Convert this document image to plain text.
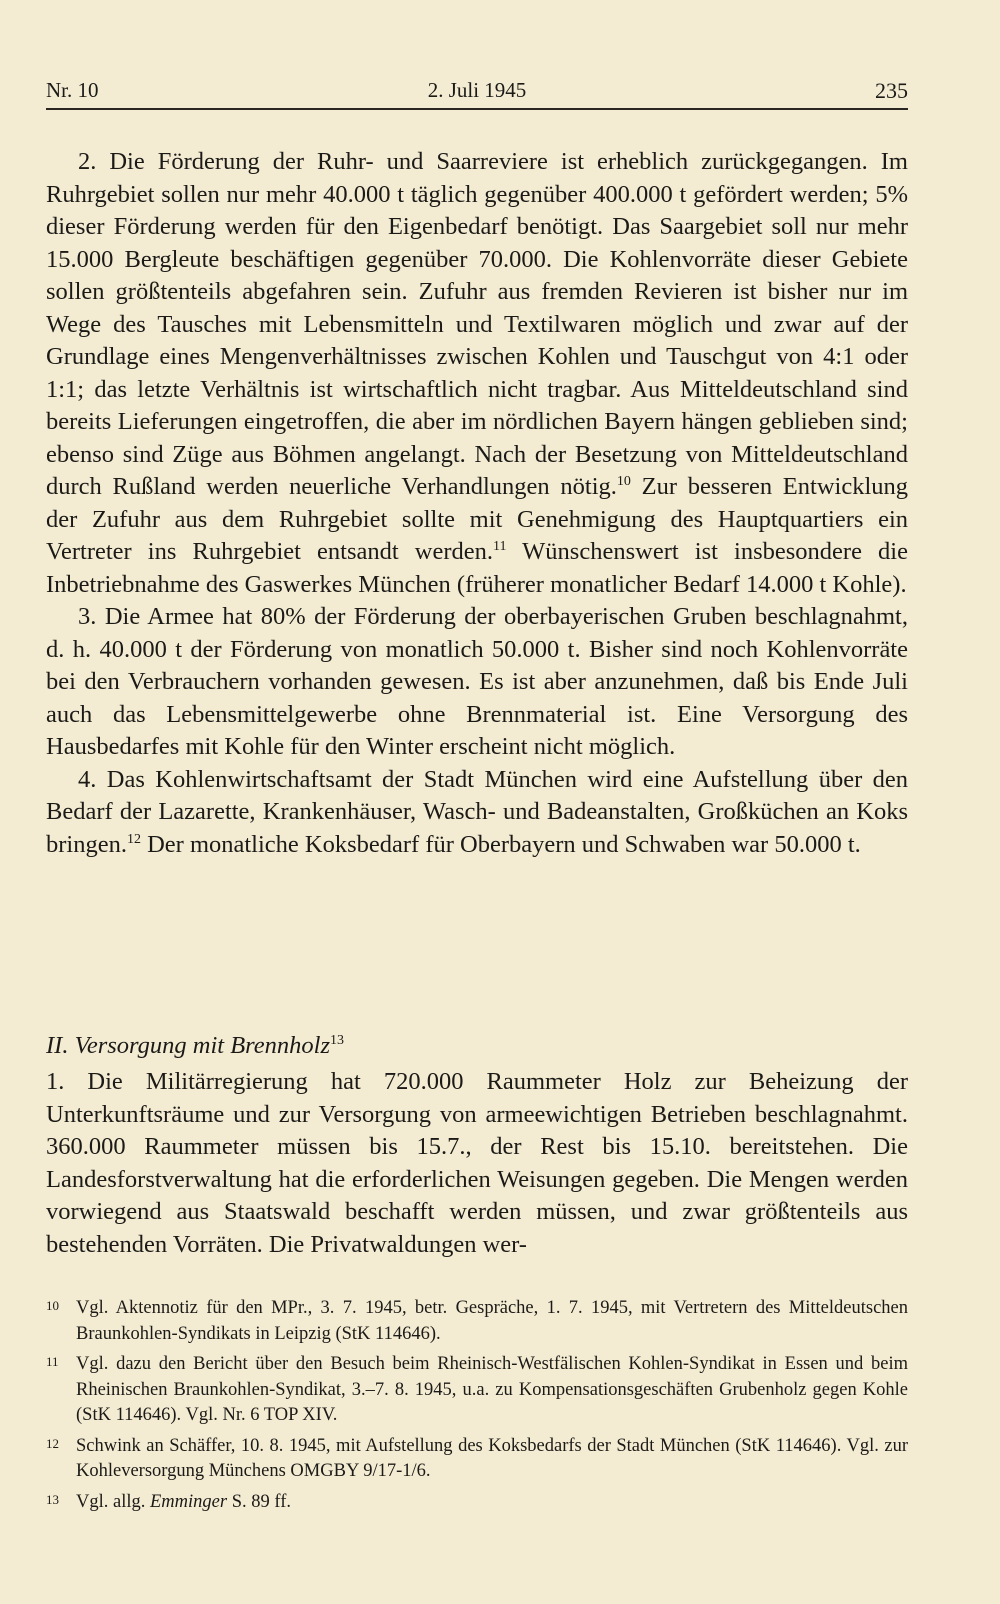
Nr. 10	2. Juli 1945	235

2. Die Förderung der Ruhr- und Saarreviere ist erheblich zurückgegangen. Im Ruhrgebiet sollen nur mehr 40.000 t täglich gegenüber 400.000 t gefördert werden; 5% dieser Förderung werden für den Eigenbedarf benötigt. Das Saargebiet soll nur mehr 15.000 Bergleute beschäftigen gegenüber 70.000. Die Kohlenvorräte dieser Gebiete sollen größtenteils abgefahren sein. Zufuhr aus fremden Revieren ist bisher nur im Wege des Tausches mit Lebensmitteln und Textilwaren möglich und zwar auf der Grundlage eines Mengenverhältnisses zwischen Kohlen und Tauschgut von 4:1 oder 1:1; das letzte Verhältnis ist wirtschaftlich nicht tragbar. Aus Mitteldeutschland sind bereits Lieferungen eingetroffen, die aber im nördlichen Bayern hängen geblieben sind; ebenso sind Züge aus Böhmen angelangt. Nach der Besetzung von Mitteldeutschland durch Rußland werden neuerliche Verhandlungen nötig.$^{10}$ Zur besseren Entwicklung der Zufuhr aus dem Ruhrgebiet sollte mit Genehmigung des Hauptquartiers ein Vertreter ins Ruhrgebiet entsandt werden.$^{11}$ Wünschenswert ist insbesondere die Inbetriebnahme des Gaswerkes München (früherer monatlicher Bedarf 14.000 t Kohle).

3. Die Armee hat 80% der Förderung der oberbayerischen Gruben beschlagnahmt, d. h. 40.000 t der Förderung von monatlich 50.000 t. Bisher sind noch Kohlenvorräte bei den Verbrauchern vorhanden gewesen. Es ist aber anzunehmen, daß bis Ende Juli auch das Lebensmittelgewerbe ohne Brennmaterial ist. Eine Versorgung des Hausbedarfes mit Kohle für den Winter erscheint nicht möglich.

4. Das Kohlenwirtschaftsamt der Stadt München wird eine Aufstellung über den Bedarf der Lazarette, Krankenhäuser, Wasch- und Badeanstalten, Großküchen an Koks bringen.$^{12}$ Der monatliche Koksbedarf für Oberbayern und Schwaben war 50.000 t.

II. Versorgung mit Brennholz$^{13}$

1. Die Militärregierung hat 720.000 Raummeter Holz zur Beheizung der Unterkunftsräume und zur Versorgung von armeewichtigen Betrieben beschlagnahmt. 360.000 Raummeter müssen bis 15.7., der Rest bis 15.10. bereitstehen. Die Landesforstverwaltung hat die erforderlichen Weisungen gegeben. Die Mengen werden vorwiegend aus Staatswald beschafft werden müssen, und zwar größtenteils aus bestehenden Vorräten. Die Privatwaldungen wer-

10 Vgl. Aktennotiz für den MPr., 3. 7. 1945, betr. Gespräche, 1. 7. 1945, mit Vertretern des Mitteldeutschen Braunkohlen-Syndikats in Leipzig (StK 114646).
11 Vgl. dazu den Bericht über den Besuch beim Rheinisch-Westfälischen Kohlen-Syndikat in Essen und beim Rheinischen Braunkohlen-Syndikat, 3.–7. 8. 1945, u.a. zu Kompensationsgeschäften Grubenholz gegen Kohle (StK 114646). Vgl. Nr. 6 TOP XIV.
12 Schwink an Schäffer, 10. 8. 1945, mit Aufstellung des Koksbedarfs der Stadt München (StK 114646). Vgl. zur Kohleversorgung Münchens OMGBY 9/17-1/6.
13 Vgl. allg. Emminger S. 89 ff.
